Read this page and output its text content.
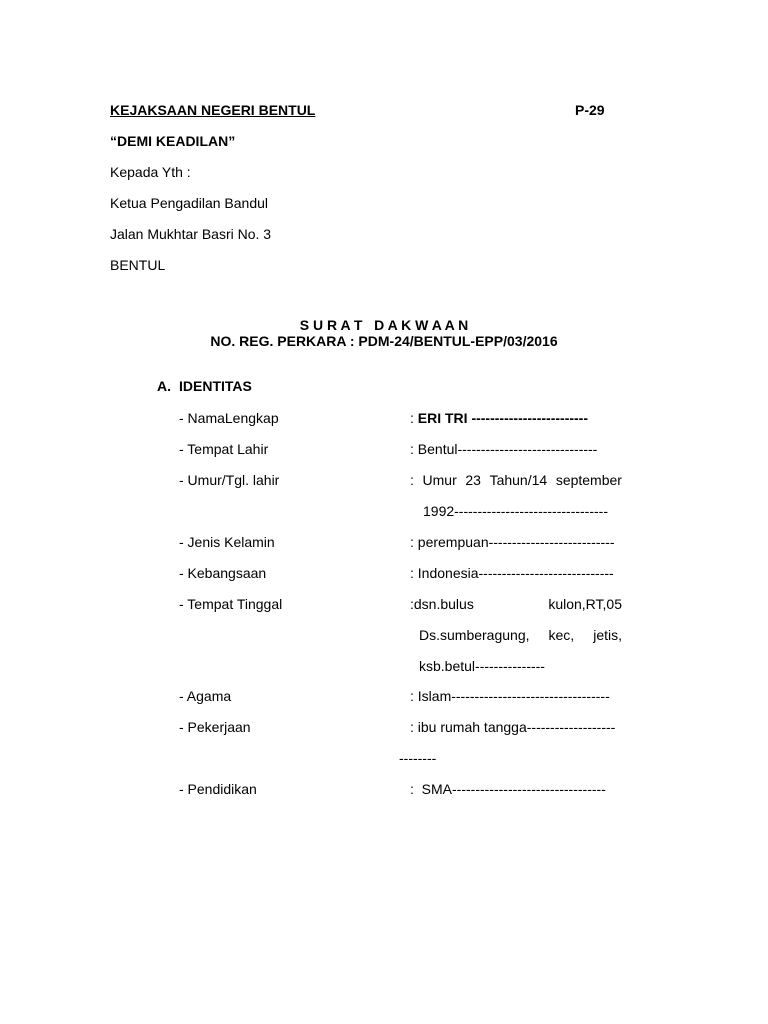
KEJAKSAAN NEGERI BENTUL	P-29
“DEMI KEADILAN”
Kepada Yth :
Ketua Pengadilan Bandul
Jalan Mukhtar Basri No. 3
BENTUL
S U R A T   D A K W A A N
NO. REG. PERKARA : PDM-24/BENTUL-EPP/03/2016
A. IDENTITAS
- NamaLengkap	: ERI TRI -------------------------
- Tempat Lahir	: Bentul------------------------------
- Umur/Tgl. lahir	: Umur 23 Tahun/14 september
1992---------------------------------
- Jenis Kelamin	: perempuan---------------------------
- Kebangsaan	: Indonesia-----------------------------
- Tempat Tinggal	:dsn.bulus	kulon,RT,05
Ds.sumberagung, kec, jetis,
ksb.betul---------------
- Agama	: Islam----------------------------------
- Pekerjaan	: ibu rumah tangga-------------------
--------
- Pendidikan	:  SMA---------------------------------
